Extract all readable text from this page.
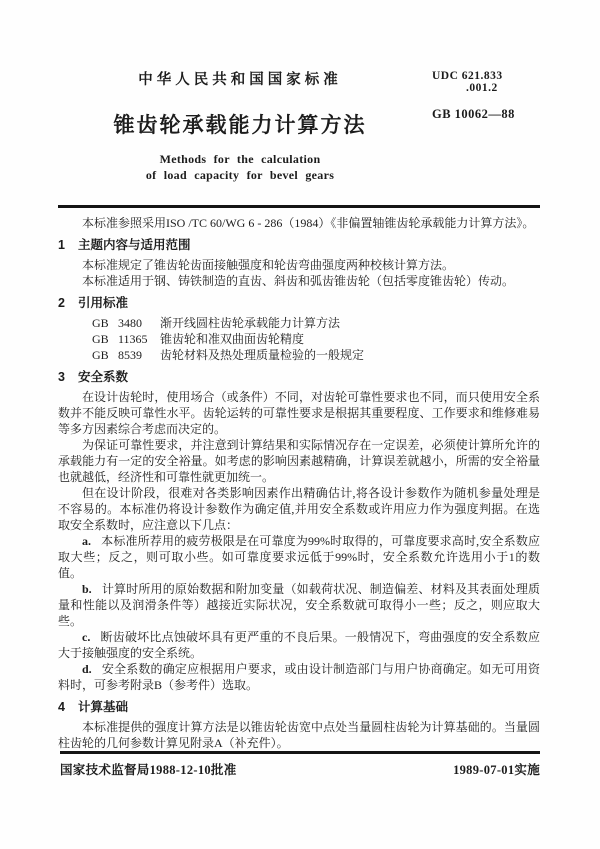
中华人民共和国国家标准
锥齿轮承载能力计算方法
Methods for the calculation
of load capacity for bevel gears
UDC 621.833
.001.2
GB 10062—88

本标准参照采用ISO /TC 60/WG 6 - 286（1984）《非偏置轴锥齿轮承载能力计算方法》。

1 主题内容与适用范围

本标准规定了锥齿轮齿面接触强度和轮齿弯曲强度两种校核计算方法。

本标准适用于钢、铸铁制造的直齿、斜齿和弧齿锥齿轮（包括零度锥齿轮）传动。

2 引用标准
GB 3480 渐开线圆柱齿轮承载能力计算方法
GB 11365 锥齿轮和准双曲面齿轮精度
GB 8539 齿轮材料及热处理质量检验的一般规定
3 安全系数

在设计齿轮时，使用场合（或条件）不同，对齿轮可靠性要求也不同，而只使用安全系数并不能反映可靠性水平。齿轮运转的可靠性要求是根据其重要程度、工作要求和维修难易等多方因素综合考虑而决定的。

为保证可靠性要求，并注意到计算结果和实际情况存在一定误差，必须使计算所允许的承载能力有一定的安全裕量。如考虑的影响因素越精确，计算误差就越小，所需的安全裕量也就越低，经济性和可靠性就更加统一。

但在设计阶段，很难对各类影响因素作出精确估计,将各设计参数作为随机参量处理是不容易的。本标准仍将设计参数作为确定值,并用安全系数或许用应力作为强度判据。在选取安全系数时，应注意以下几点：

a. 本标准所荐用的疲劳极限是在可靠度为99%时取得的，可靠度要求高时,安全系数应取大些；反之，则可取小些。如可靠度要求远低于99%时，安全系数允许选用小于1的数值。

b. 计算时所用的原始数据和附加变量（如载荷状况、制造偏差、材料及其表面处理质量和性能以及润滑条件等）越接近实际状况，安全系数就可取得小一些；反之，则应取大些。

c. 断齿破坏比点蚀破坏具有更严重的不良后果。一般情况下，弯曲强度的安全系数应大于接触强度的安全系统。

d. 安全系数的确定应根据用户要求，或由设计制造部门与用户协商确定。如无可用资料时，可参考附录B（参考件）选取。

4 计算基础

本标准提供的强度计算方法是以锥齿轮齿宽中点处当量圆柱齿轮为计算基础的。当量圆柱齿轮的几何参数计算见附录A（补充件）。

国家技术监督局1988-12-10批准	1989-07-01实施
